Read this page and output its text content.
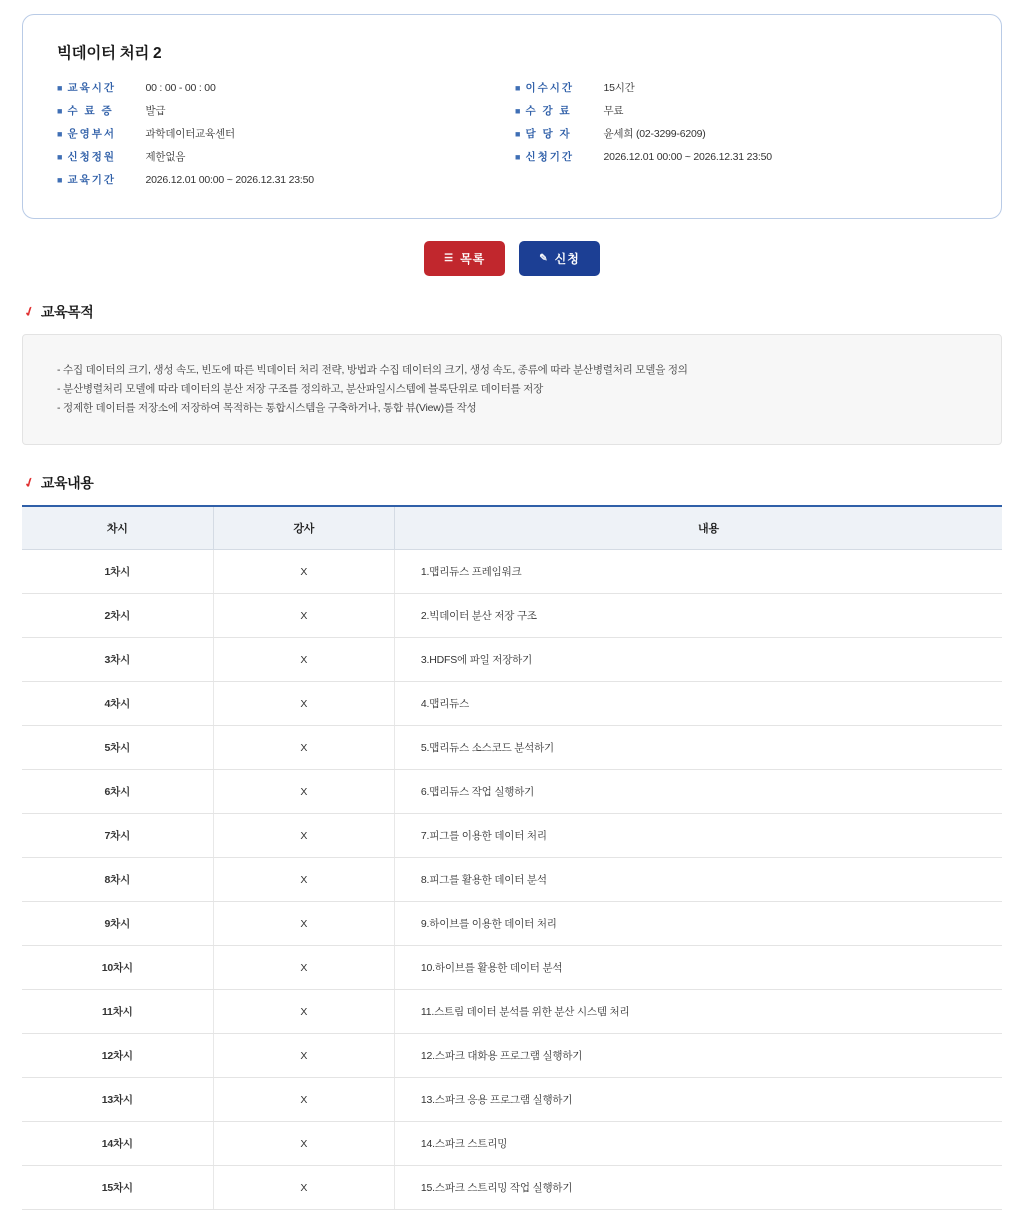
빅데이터 처리 2
■ 교육시간	00 : 00 - 00 : 00
■ 수 료 증	발급
■ 운영부서	과학데이터교육센터
■ 신청정원	제한없음
■ 이수시간	15시간
■ 수 강 료	무료
■ 담 당 자	윤세희 (02-3299-6209)
■ 신청기간	2026.12.01 00:00 ~ 2026.12.31 23:50
■ 교육기간	2026.12.01 00:00 ~ 2026.12.31 23:50
☰ 목록	✎ 신청
✓ 교육목적
- 수집 데이터의 크기, 생성 속도, 빈도에 따른 빅데이터 처리 전략, 방법과 수집 데이터의 크기, 생성 속도, 종류에 따라 분산병렬처리 모델을 정의
- 분산병렬처리 모델에 따라 데이터의 분산 저장 구조를 정의하고, 분산파일시스템에 블록단위로 데이터를 저장
- 정제한 데이터를 저장소에 저장하여 목적하는 통합시스템을 구축하거나, 통합 뷰(View)를 작성
✓ 교육내용
차시	강사	내용
1차시	X	1.맵리듀스 프레임워크
2차시	X	2.빅데이터 분산 저장 구조
3차시	X	3.HDFS에 파일 저장하기
4차시	X	4.맵리듀스
5차시	X	5.맵리듀스 소스코드 분석하기
6차시	X	6.맵리듀스 작업 실행하기
7차시	X	7.피그를 이용한 데이터 처리
8차시	X	8.피그를 활용한 데이터 분석
9차시	X	9.하이브를 이용한 데이터 처리
10차시	X	10.하이브를 활용한 데이터 분석
11차시	X	11.스트림 데이터 분석를 위한 분산 시스템 처리
12차시	X	12.스파크 대화용 프로그램 실행하기
13차시	X	13.스파크 응용 프로그램 실행하기
14차시	X	14.스파크 스트리밍
15차시	X	15.스파크 스트리밍 작업 실행하기
